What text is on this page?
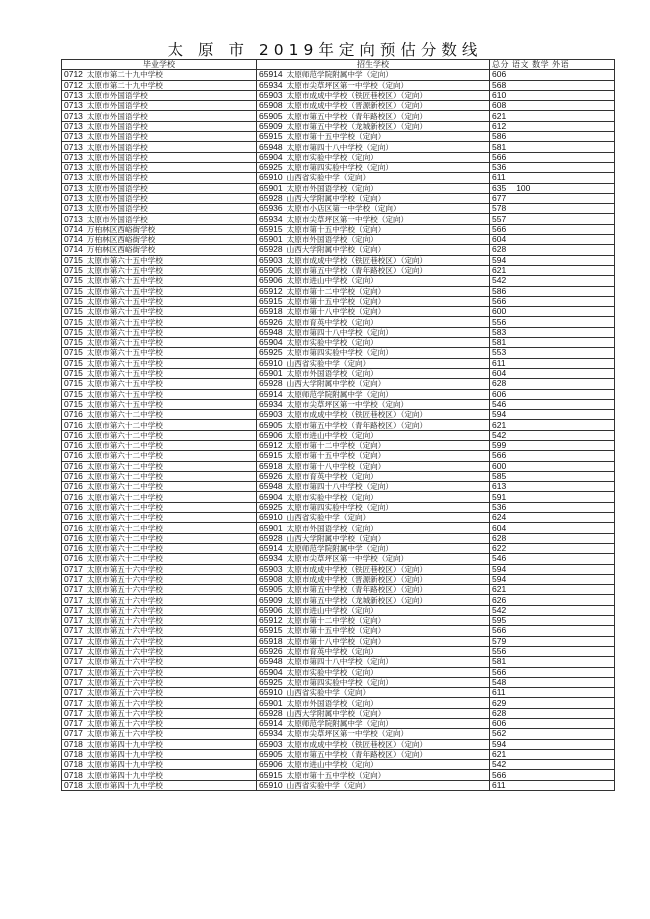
太 原 市 2019年定向预估分数线
毕业学校	招生学校	总分 语文 数学 外语
0712 太原市第二十九中学校	65914 太原师范学院附属中学（定向）	606
0712 太原市第二十九中学校	65934 太原市尖草坪区第一中学校（定向）	568
0713 太原市外国语学校	65903 太原市成成中学校（铁匠巷校区）（定向）	610
0713 太原市外国语学校	65908 太原市成成中学校（晋源新校区）（定向）	608
0713 太原市外国语学校	65905 太原市第五中学校（青年路校区）（定向）	621
0713 太原市外国语学校	65909 太原市第五中学校（龙城新校区）（定向）	612
0713 太原市外国语学校	65915 太原市第十五中学校（定向）	586
0713 太原市外国语学校	65948 太原市第四十八中学校（定向）	581
0713 太原市外国语学校	65904 太原市实验中学校（定向）	566
0713 太原市外国语学校	65925 太原市第四实验中学校（定向）	536
0713 太原市外国语学校	65910 山西省实验中学（定向）	611
0713 太原市外国语学校	65901 太原市外国语学校（定向）	635 100
0713 太原市外国语学校	65928 山西大学附属中学校（定向）	677
0713 太原市外国语学校	65936 太原市小店区第一中学校（定向）	578
0713 太原市外国语学校	65934 太原市尖草坪区第一中学校（定向）	557
0714 万柏林区西峪街学校	65915 太原市第十五中学校（定向）	566
0714 万柏林区西峪街学校	65901 太原市外国语学校（定向）	604
0714 万柏林区西峪街学校	65928 山西大学附属中学校（定向）	628
0715 太原市第六十五中学校	65903 太原市成成中学校（铁匠巷校区）（定向）	594
0715 太原市第六十五中学校	65905 太原市第五中学校（青年路校区）（定向）	621
0715 太原市第六十五中学校	65906 太原市进山中学校（定向）	542
0715 太原市第六十五中学校	65912 太原市第十二中学校（定向）	586
0715 太原市第六十五中学校	65915 太原市第十五中学校（定向）	566
0715 太原市第六十五中学校	65918 太原市第十八中学校（定向）	600
0715 太原市第六十五中学校	65926 太原市育英中学校（定向）	556
0715 太原市第六十五中学校	65948 太原市第四十八中学校（定向）	583
0715 太原市第六十五中学校	65904 太原市实验中学校（定向）	581
0715 太原市第六十五中学校	65925 太原市第四实验中学校（定向）	553
0715 太原市第六十五中学校	65910 山西省实验中学（定向）	611
0715 太原市第六十五中学校	65901 太原市外国语学校（定向）	604
0715 太原市第六十五中学校	65928 山西大学附属中学校（定向）	628
0715 太原市第六十五中学校	65914 太原师范学院附属中学（定向）	606
0715 太原市第六十五中学校	65934 太原市尖草坪区第一中学校（定向）	546
0716 太原市第六十二中学校	65903 太原市成成中学校（铁匠巷校区）（定向）	594
0716 太原市第六十二中学校	65905 太原市第五中学校（青年路校区）（定向）	621
0716 太原市第六十二中学校	65906 太原市进山中学校（定向）	542
0716 太原市第六十二中学校	65912 太原市第十二中学校（定向）	599
0716 太原市第六十二中学校	65915 太原市第十五中学校（定向）	566
0716 太原市第六十二中学校	65918 太原市第十八中学校（定向）	600
0716 太原市第六十二中学校	65926 太原市育英中学校（定向）	585
0716 太原市第六十二中学校	65948 太原市第四十八中学校（定向）	613
0716 太原市第六十二中学校	65904 太原市实验中学校（定向）	591
0716 太原市第六十二中学校	65925 太原市第四实验中学校（定向）	536
0716 太原市第六十二中学校	65910 山西省实验中学（定向）	624
0716 太原市第六十二中学校	65901 太原市外国语学校（定向）	604
0716 太原市第六十二中学校	65928 山西大学附属中学校（定向）	628
0716 太原市第六十二中学校	65914 太原师范学院附属中学（定向）	622
0716 太原市第六十二中学校	65934 太原市尖草坪区第一中学校（定向）	546
0717 太原市第五十六中学校	65903 太原市成成中学校（铁匠巷校区）（定向）	594
0717 太原市第五十六中学校	65908 太原市成成中学校（晋源新校区）（定向）	594
0717 太原市第五十六中学校	65905 太原市第五中学校（青年路校区）（定向）	621
0717 太原市第五十六中学校	65909 太原市第五中学校（龙城新校区）（定向）	626
0717 太原市第五十六中学校	65906 太原市进山中学校（定向）	542
0717 太原市第五十六中学校	65912 太原市第十二中学校（定向）	595
0717 太原市第五十六中学校	65915 太原市第十五中学校（定向）	566
0717 太原市第五十六中学校	65918 太原市第十八中学校（定向）	579
0717 太原市第五十六中学校	65926 太原市育英中学校（定向）	556
0717 太原市第五十六中学校	65948 太原市第四十八中学校（定向）	581
0717 太原市第五十六中学校	65904 太原市实验中学校（定向）	566
0717 太原市第五十六中学校	65925 太原市第四实验中学校（定向）	548
0717 太原市第五十六中学校	65910 山西省实验中学（定向）	611
0717 太原市第五十六中学校	65901 太原市外国语学校（定向）	629
0717 太原市第五十六中学校	65928 山西大学附属中学校（定向）	628
0717 太原市第五十六中学校	65914 太原师范学院附属中学（定向）	606
0717 太原市第五十六中学校	65934 太原市尖草坪区第一中学校（定向）	562
0718 太原市第四十九中学校	65903 太原市成成中学校（铁匠巷校区）（定向）	594
0718 太原市第四十九中学校	65905 太原市第五中学校（青年路校区）（定向）	621
0718 太原市第四十九中学校	65906 太原市进山中学校（定向）	542
0718 太原市第四十九中学校	65915 太原市第十五中学校（定向）	566
0718 太原市第四十九中学校	65910 山西省实验中学（定向）	611
